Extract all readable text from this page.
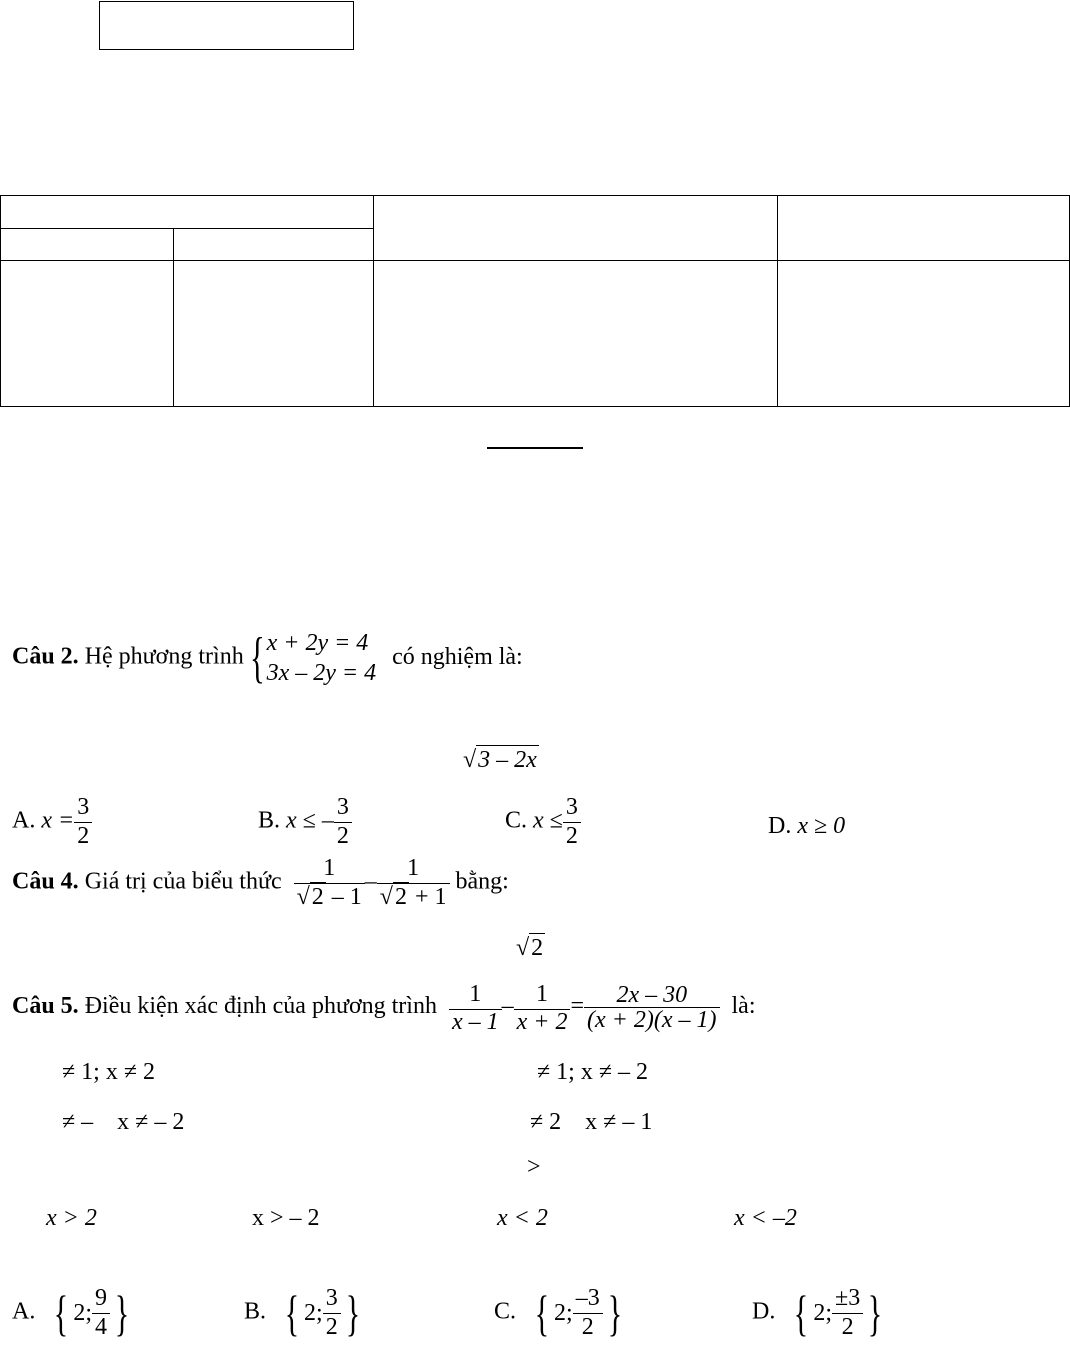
Câu 2. Hệ phương trình { x + 2y = 4
3x – 2y = 4
có nghiệm là:
√3 – 2x
A. $x = \frac{3}{2}$	B. x ≤ – $\frac{3}{2}$	C. $x \le \frac{3}{2}$	D. x ≥ 0
Câu 4. Giá trị của biểu thức $\frac{1}{√2 - 1} - \frac{1}{√2 + 1}$ bằng:
√2
Câu 5. Điều kiện xác định của phương trình $\frac{1}{x - 1} - \frac{1}{x + 2} = \frac{2x - 30}{(x + 2)(x - 1)}$ là:
≠ 1; x ≠ 2	≠ 1; x ≠ – 2
≠ –    x ≠ – 2	≠ 2    x ≠ – 1
>
x > 2	x > – 2	x < 2	x < –2
A. { 2; $\frac{9}{4}$ }	B. { 2; $\frac{3}{2}$ }	C. { 2; $\frac{-3}{2}$ }	D. { 2; $\frac{\pm 3}{2}$ }
